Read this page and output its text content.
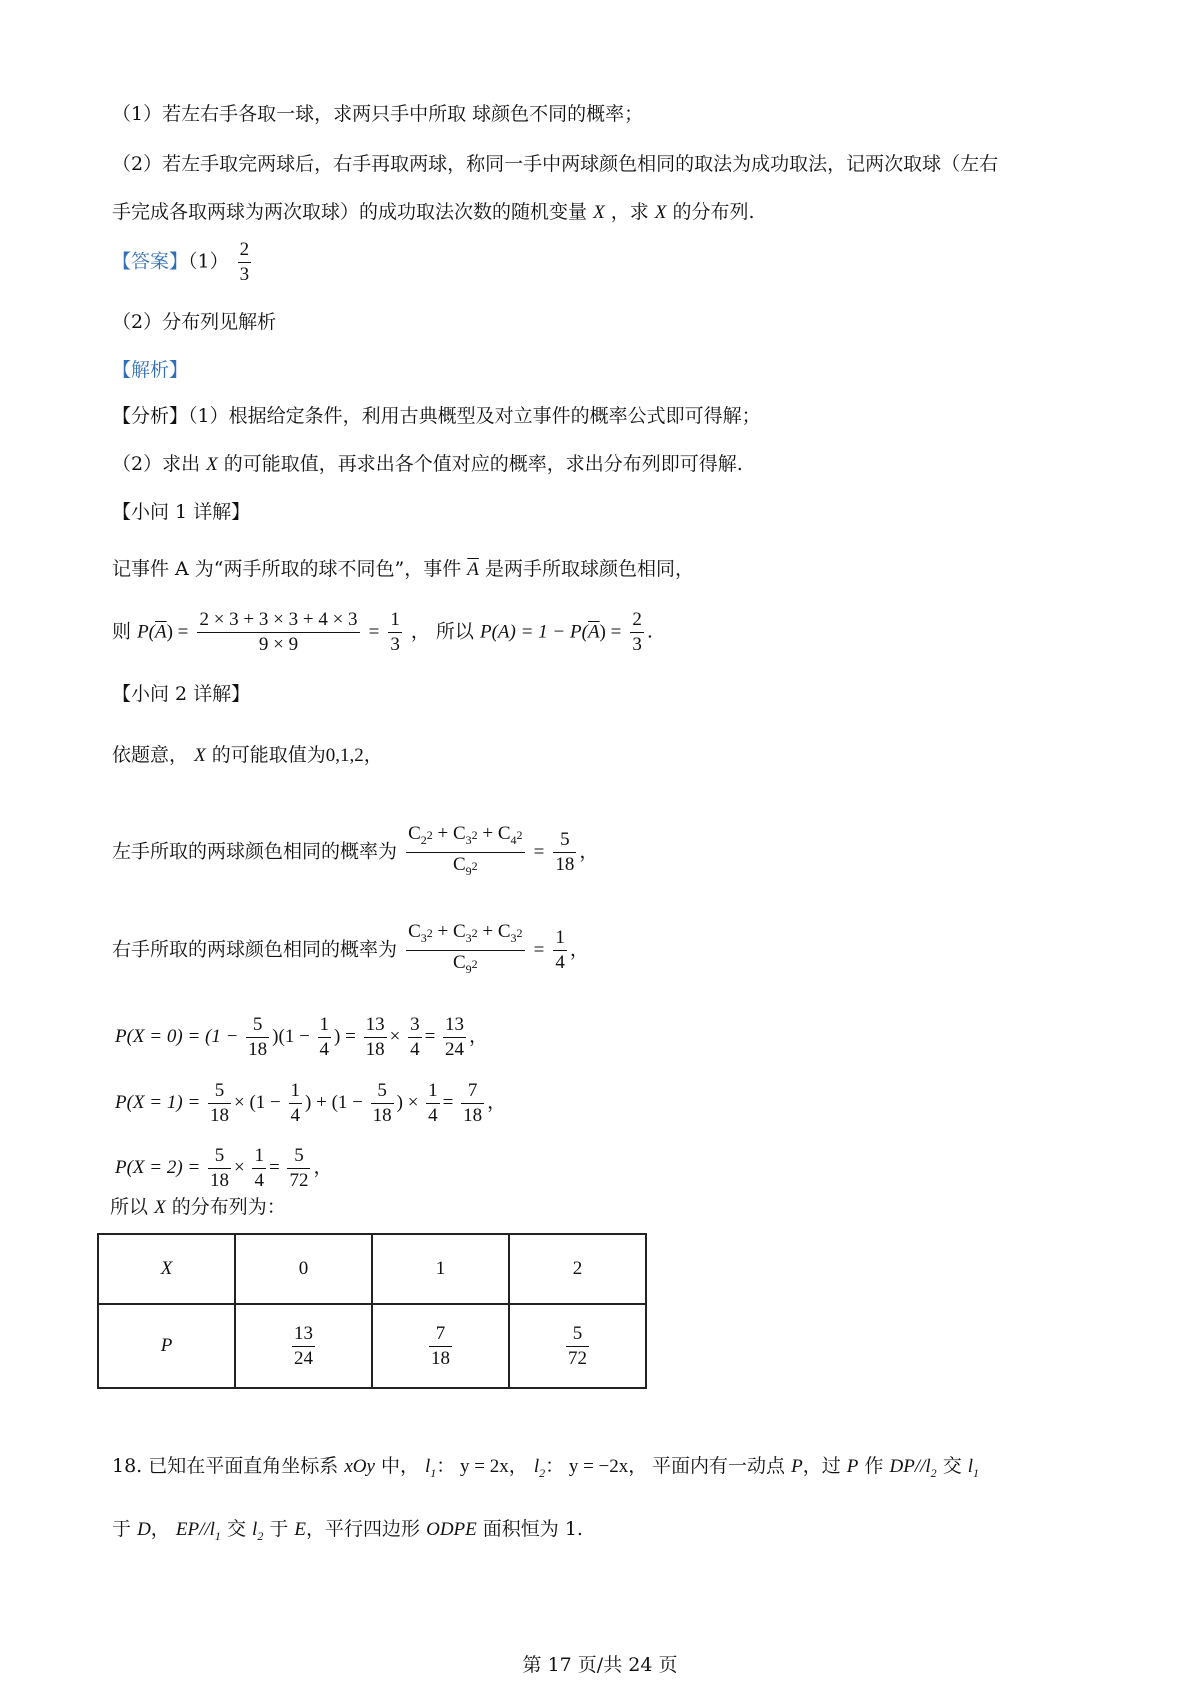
（1）若左右手各取一球，求两只手中所取 球颜色不同的概率；
（2）若左手取完两球后，右手再取两球，称同一手中两球颜色相同的取法为成功取法，记两次取球（左右
手完成各取两球为两次取球）的成功取法次数的随机变量 X ，求 X 的分布列.
【答案】$(1) \frac{2}{3}$
（2）分布列见解析
【解析】
【分析】（1）根据给定条件，利用古典概型及对立事件的概率公式即可得解；
（2）求出 X 的可能取值，再求出各个值对应的概率，求出分布列即可得解.
【小问 1 详解】
记事件 A 为“两手所取的球不同色”，事件 $\overline{A}$ 是两手所取球颜色相同，
则 $P(\overline{A}) = \frac{2 \times 3 + 3 \times 3 + 4 \times 3}{9 \times 9} = \frac{1}{3}$ ， 所以 $P(A) = 1 - P(\overline{A}) = \frac{2}{3}$ .
【小问 2 详解】
依题意， X 的可能取值为0,1,2，
左手所取的两球颜色相同的概率为 $\frac{C_22 + C_32 + C_42}{C_92} = \frac{5}{18}$ ，
右手所取的两球颜色相同的概率为 $\frac{C_32 + C_32 + C_32}{C_92} = \frac{1}{4}$ ，
$P(X = 0) = (1 - \frac{5}{18} )(1 - \frac{1}{4}$ ) = $\frac{13}{18} \times \frac{3}{4} = \frac{13}{24}$ ，
$P(X = 1) = \frac{5}{18} \times (1 - \frac{1}{4}$ ) + ($1 - \frac{5}{18}$ ) × $\frac{1}{4} = \frac{7}{18}$ ，
$P(X = 2) = \frac{5}{18} \times \frac{1}{4} = \frac{5}{72}$ ，
所以 X 的分布列为：
X	0	1	2
P	$\frac{13}{24}$	$\frac{7}{18}$	$\frac{5}{72}$
18. 已知在平面直角坐标系 xOy 中， $l_1$： y = 2x， $l_2$： y = −2x， 平面内有一动点 P，过 P 作 $DP//l_2$ 交 $l_1$
于 D， $EP//l_1$ 交 $l_2$ 于 E，平行四边形 ODPE 面积恒为 1.
第 17 页/共 24 页
